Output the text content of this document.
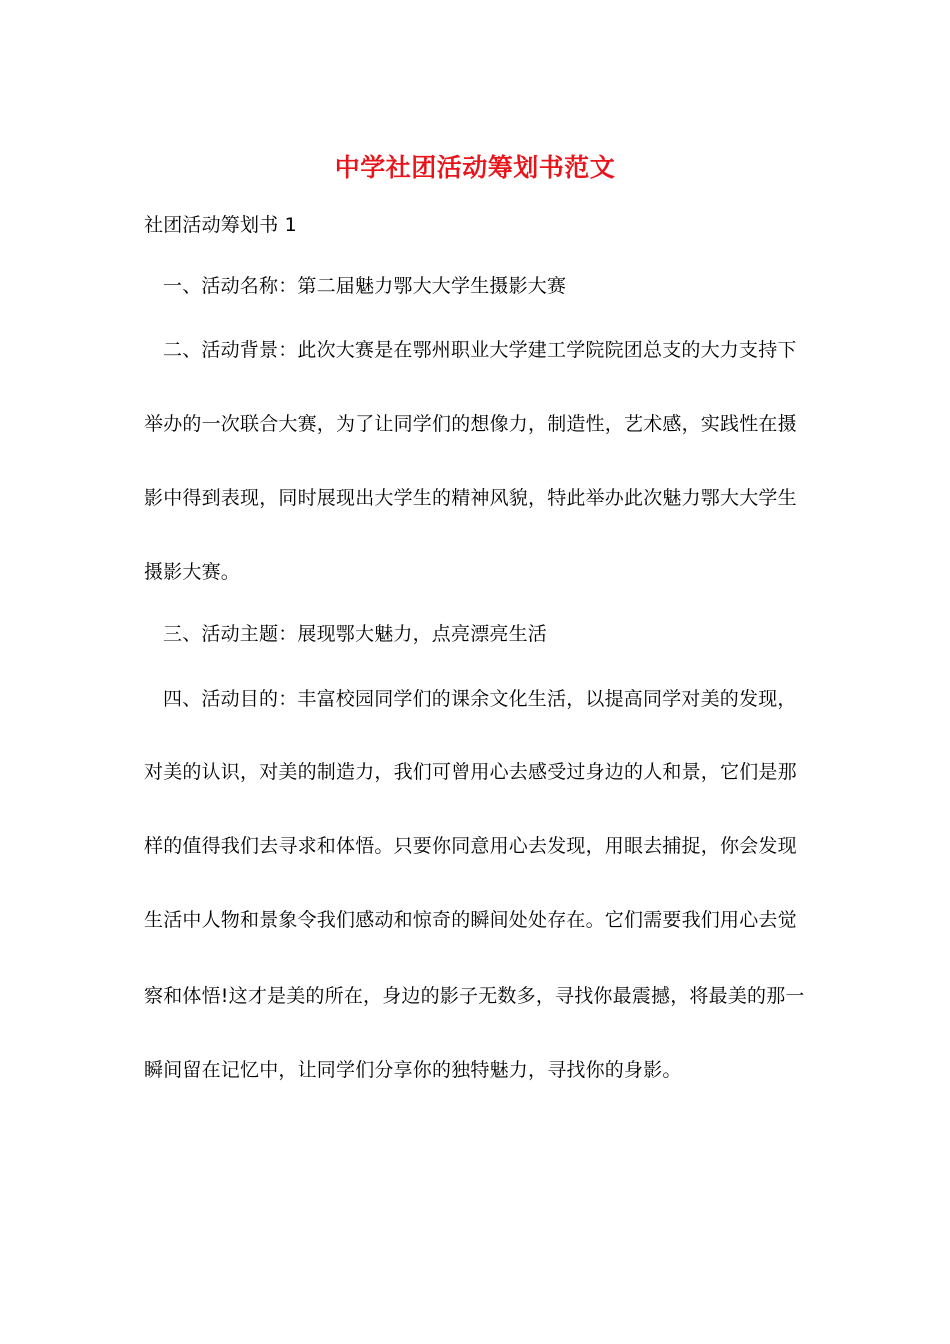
中学社团活动筹划书范文
社团活动筹划书 1
一、活动名称：第二届魅力鄂大大学生摄影大赛
二、活动背景：此次大赛是在鄂州职业大学建工学院院团总支的大力支持下
举办的一次联合大赛，为了让同学们的想像力，制造性，艺术感，实践性在摄
影中得到表现，同时展现出大学生的精神风貌，特此举办此次魅力鄂大大学生
摄影大赛。
三、活动主题：展现鄂大魅力，点亮漂亮生活
四、活动目的：丰富校园同学们的课余文化生活，以提高同学对美的发现，
对美的认识，对美的制造力，我们可曾用心去感受过身边的人和景，它们是那
样的值得我们去寻求和体悟。只要你同意用心去发现，用眼去捕捉，你会发现
生活中人物和景象令我们感动和惊奇的瞬间处处存在。它们需要我们用心去觉
察和体悟!这才是美的所在，身边的影子无数多，寻找你最震撼，将最美的那一
瞬间留在记忆中，让同学们分享你的独特魅力，寻找你的身影。
